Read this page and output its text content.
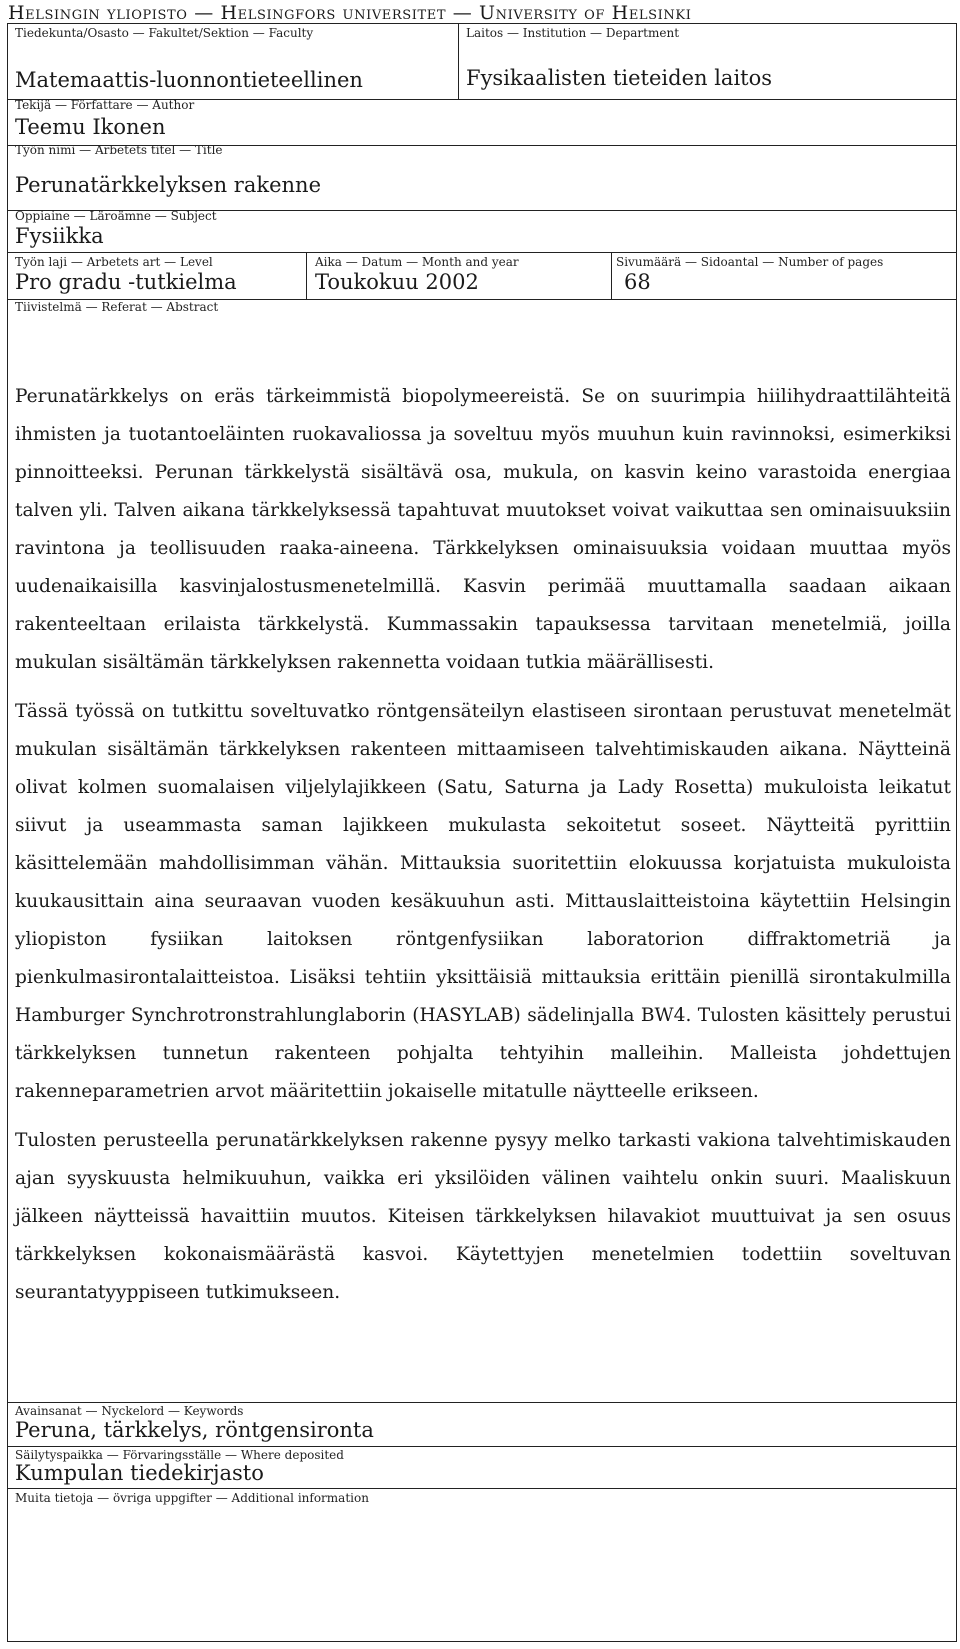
Helsingin yliopisto — Helsingfors universitet — University of Helsinki
Tiedekunta/Osasto — Fakultet/Sektion — Faculty
Matemaattis-luonnontieteellinen
Laitos — Institution — Department
Fysikaalisten tieteiden laitos
Tekijä — Författare — Author
Teemu Ikonen
Työn nimi — Arbetets titel — Title
Perunatärkkelyksen rakenne
Oppiaine — Läroämne — Subject
Fysiikka
Työn laji — Arbetets art — Level
Pro gradu -tutkielma
Aika — Datum — Month and year
Toukokuu 2002
Sivumäärä — Sidoantal — Number of pages
68
Tiivistelmä — Referat — Abstract

Perunatärkkelys on eräs tärkeimmistä biopolymeereistä. Se on suurimpia hiilihydraattilähteitä ihmisten ja tuotantoeläinten ruokavaliossa ja soveltuu myös muuhun kuin ravinnoksi, esimerkiksi pinnoitteeksi. Perunan tärkkelystä sisältävä osa, mukula, on kasvin keino varastoida energiaa talven yli. Talven aikana tärkkelyksessä tapahtuvat muutokset voivat vaikuttaa sen ominaisuuksiin ravintona ja teollisuuden raaka-aineena. Tärkkelyksen ominaisuuksia voidaan muuttaa myös uudenaikaisilla kasvinjalostusmenetelmillä. Kasvin perimää muuttamalla saadaan aikaan rakenteeltaan erilaista tärkkelystä. Kummassakin tapauksessa tarvitaan menetelmiä, joilla mukulan sisältämän tärkkelyksen rakennetta voidaan tutkia määrällisesti.

Tässä työssä on tutkittu soveltuvatko röntgensäteilyn elastiseen sirontaan perustuvat menetelmät mukulan sisältämän tärkkelyksen rakenteen mittaamiseen talvehtimiskauden aikana. Näytteinä olivat kolmen suomalaisen viljelylajikkeen (Satu, Saturna ja Lady Rosetta) mukuloista leikatut siivut ja useammasta saman lajikkeen mukulasta sekoitetut soseet. Näytteitä pyrittiin käsittelemään mahdollisimman vähän. Mittauksia suoritettiin elokuussa korjatuista mukuloista kuukausittain aina seuraavan vuoden kesäkuuhun asti. Mittauslaitteistoina käytettiin Helsingin yliopiston fysiikan laitoksen röntgenfysiikan laboratorion diffraktometriä ja pienkulmasirontalaitteistoa. Lisäksi tehtiin yksittäisiä mittauksia erittäin pienillä sirontakulmilla Hamburger Synchrotronstrahlunglaborin (HASYLAB) sädelinjalla BW4. Tulosten käsittely perustui tärkkelyksen tunnetun rakenteen pohjalta tehtyihin malleihin. Malleista johdettujen rakenneparametrien arvot määritettiin jokaiselle mitatulle näytteelle erikseen.

Tulosten perusteella perunatärkkelyksen rakenne pysyy melko tarkasti vakiona talvehtimiskauden ajan syyskuusta helmikuuhun, vaikka eri yksilöiden välinen vaihtelu onkin suuri. Maaliskuun jälkeen näytteissä havaittiin muutos. Kiteisen tärkkelyksen hilavakiot muuttuivat ja sen osuus tärkkelyksen kokonaismäärästä kasvoi. Käytettyjen menetelmien todettiin soveltuvan seurantatyyppiseen tutkimukseen.

Avainsanat — Nyckelord — Keywords
Peruna, tärkkelys, röntgensironta
Säilytyspaikka — Förvaringsställe — Where deposited
Kumpulan tiedekirjasto
Muita tietoja — övriga uppgifter — Additional information
